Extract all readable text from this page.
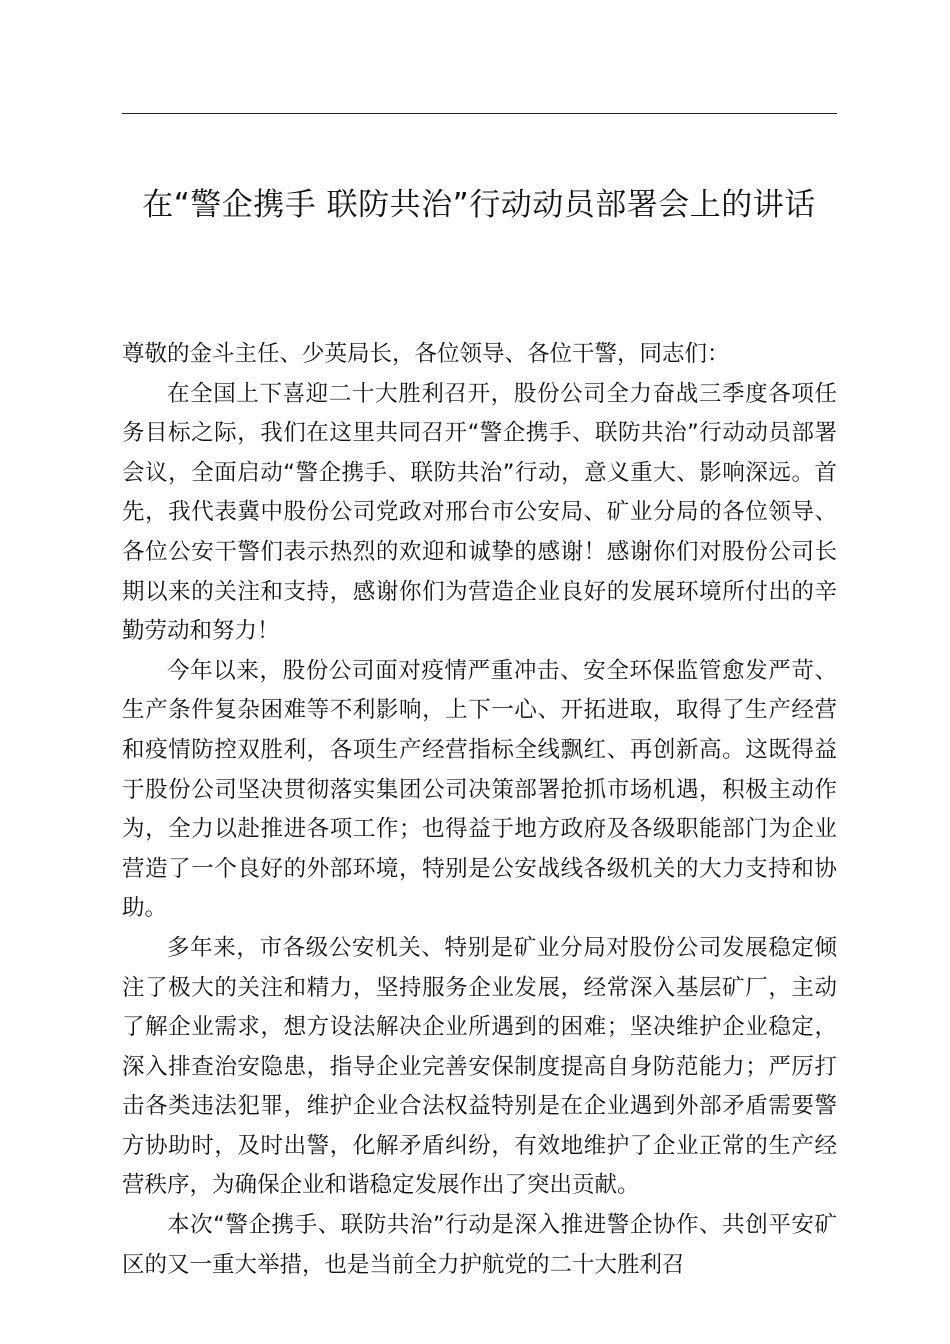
在“警企携手 联防共治”行动动员部署会上的讲话

尊敬的金斗主任、少英局长，各位领导、各位干警，同志们：

在全国上下喜迎二十大胜利召开，股份公司全力奋战三季度各项任务目标之际，我们在这里共同召开“警企携手、联防共治”行动动员部署会议，全面启动“警企携手、联防共治”行动，意义重大、影响深远。首先，我代表冀中股份公司党政对邢台市公安局、矿业分局的各位领导、各位公安干警们表示热烈的欢迎和诚挚的感谢！感谢你们对股份公司长期以来的关注和支持，感谢你们为营造企业良好的发展环境所付出的辛勤劳动和努力！

今年以来，股份公司面对疫情严重冲击、安全环保监管愈发严苛、生产条件复杂困难等不利影响，上下一心、开拓进取，取得了生产经营和疫情防控双胜利，各项生产经营指标全线飘红、再创新高。这既得益于股份公司坚决贯彻落实集团公司决策部署抢抓市场机遇，积极主动作为，全力以赴推进各项工作；也得益于地方政府及各级职能部门为企业营造了一个良好的外部环境，特别是公安战线各级机关的大力支持和协助。

多年来，市各级公安机关、特别是矿业分局对股份公司发展稳定倾注了极大的关注和精力，坚持服务企业发展，经常深入基层矿厂，主动了解企业需求，想方设法解决企业所遇到的困难；坚决维护企业稳定，深入排查治安隐患，指导企业完善安保制度提高自身防范能力；严厉打击各类违法犯罪，维护企业合法权益特别是在企业遇到外部矛盾需要警方协助时，及时出警，化解矛盾纠纷，有效地维护了企业正常的生产经营秩序，为确保企业和谐稳定发展作出了突出贡献。

本次“警企携手、联防共治”行动是深入推进警企协作、共创平安矿区的又一重大举措，也是当前全力护航党的二十大胜利召
